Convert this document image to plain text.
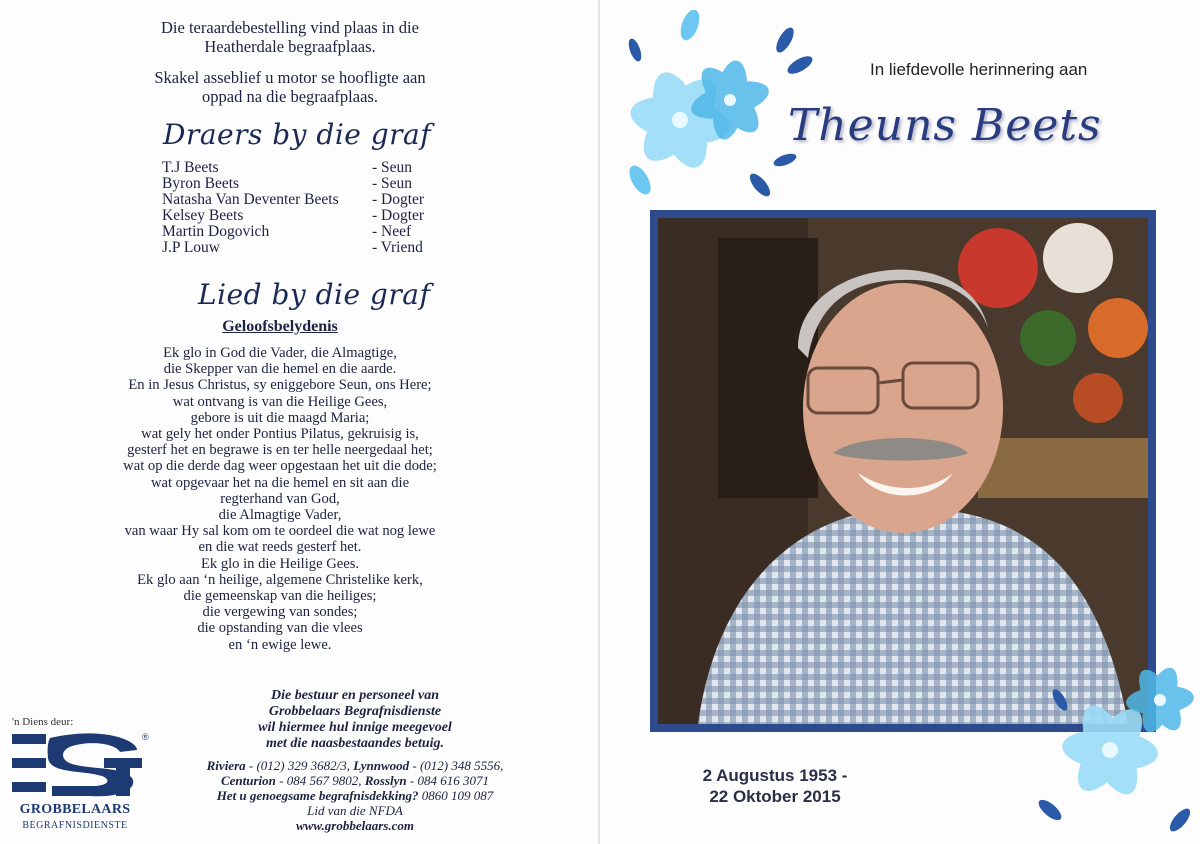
Die teraardebestelling vind plaas in die
Heatherdale begraafplaas.
Skakel asseblief u motor se hoofligte aan
oppad na die begraafplaas.
Draers by die graf
T.J Beets	- Seun
Byron Beets	- Seun
Natasha Van Deventer Beets	- Dogter
Kelsey Beets	- Dogter
Martin Dogovich	- Neef
J.P Louw	- Vriend
Lied by die graf
Geloofsbelydenis
Ek glo in God die Vader, die Almagtige,
die Skepper van die hemel en die aarde.
En in Jesus Christus, sy eniggebore Seun, ons Here;
wat ontvang is van die Heilige Gees,
gebore is uit die maagd Maria;
wat gely het onder Pontius Pilatus, gekruisig is,
gesterf het en begrawe is en ter helle neergedaal het;
wat op die derde dag weer opgestaan het uit die dode;
wat opgevaar het na die hemel en sit aan die
regterhand van God,
die Almagtige Vader,
van waar Hy sal kom om te oordeel die wat nog lewe
en die wat reeds gesterf het.
Ek glo in die Heilige Gees.
Ek glo aan ‘n heilige, algemene Christelike kerk,
die gemeenskap van die heiliges;
die vergewing van sondes;
die opstanding van die vlees
en ‘n ewige lewe.
'n Diens deur:
®
GROBBELAARS
BEGRAFNISDIENSTE
Die bestuur en personeel van
Grobbelaars Begrafnisdienste
wil hiermee hul innige meegevoel
met die naasbestaandes betuig.
Riviera - (012) 329 3682/3, Lynnwood - (012) 348 5556,
Centurion - 084 567 9802, Rosslyn - 084 616 3071
Het u genoegsame begrafnisdekking? 0860 109 087
Lid van die NFDA
www.grobbelaars.com
In liefdevolle herinnering aan
Theuns Beets
2 Augustus 1953 -
22 Oktober 2015
